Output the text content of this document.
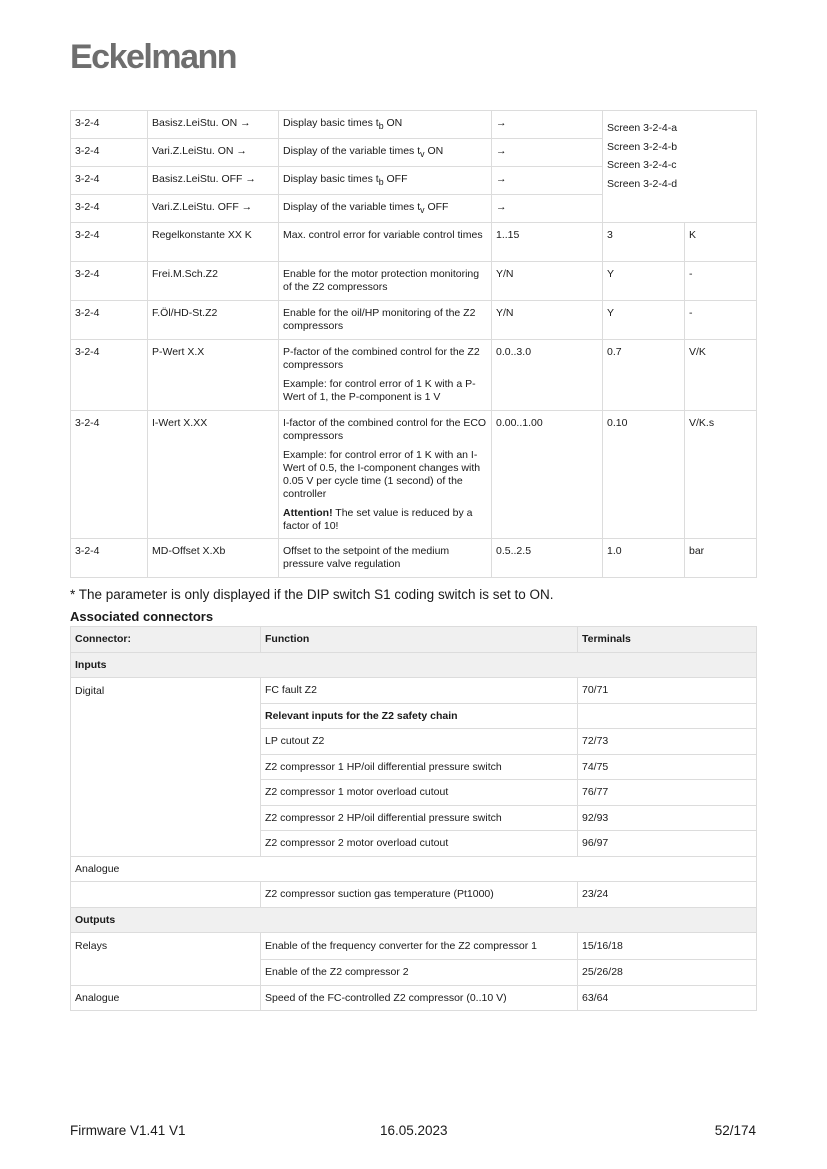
Eckelmann
3-2-4	Basisz.LeiStu. ON →	Display basic times $t_b$ ON	→	Screen 3-2-4-a
Screen 3-2-4-b
Screen 3-2-4-c
Screen 3-2-4-d	

3-2-4	Vari.Z.LeiStu. ON →	Display of the variable times $t_v$ ON	→		
3-2-4	Basisz.LeiStu. OFF →	Display basic times $t_b$ OFF	→		
3-2-4	Vari.Z.LeiStu. OFF →	Display of the variable times $t_v$ OFF	→		
3-2-4	Regelkonstante XX K	Max. control error for variable control times	1..15	3	K
3-2-4	Frei.M.Sch.Z2	Enable for the motor protection monitoring of the Z2 compressors	Y/N	Y	-
3-2-4	F.Öl/HD-St.Z2	Enable for the oil/HP monitoring of the Z2 compressors	Y/N	Y	-
3-2-4	P-Wert X.X	P-factor of the combined control for the Z2 compressors

Example: for control error of 1 K with a P-Wert of 1, the P-component is 1 V	0.0..3.0	0.7	V/K
3-2-4	I-Wert X.XX	I-factor of the combined control for the ECO compressors

Example: for control error of 1 K with an I-Wert of 0.5, the I-component changes with 0.05 V per cycle time (1 second) of the controller

Attention! The set value is reduced by a factor of 10!	0.00..1.00	0.10	V/K.s
3-2-4	MD-Offset X.Xb	Offset to the setpoint of the medium pressure valve regulation	0.5..2.5	1.0	bar
* The parameter is only displayed if the DIP switch S1 coding switch is set to ON.
Associated connectors
Connector:	Function	Terminals
Inputs		
Digital	FC fault Z2	70/71
	Relevant inputs for the Z2 safety chain	
	LP cutout Z2	72/73
	Z2 compressor 1 HP/oil differential pressure switch	74/75
	Z2 compressor 1 motor overload cutout	76/77
	Z2 compressor 2 HP/oil differential pressure switch	92/93
	Z2 compressor 2 motor overload cutout	96/97
Analogue		
	Z2 compressor suction gas temperature (Pt1000)	23/24
Outputs		
Relays	Enable of the frequency converter for the Z2 compressor 1	15/16/18
	Enable of the Z2 compressor 2	25/26/28
Analogue	Speed of the FC-controlled Z2 compressor (0..10 V)	63/64
Firmware V1.41 V1	16.05.2023	52/174
